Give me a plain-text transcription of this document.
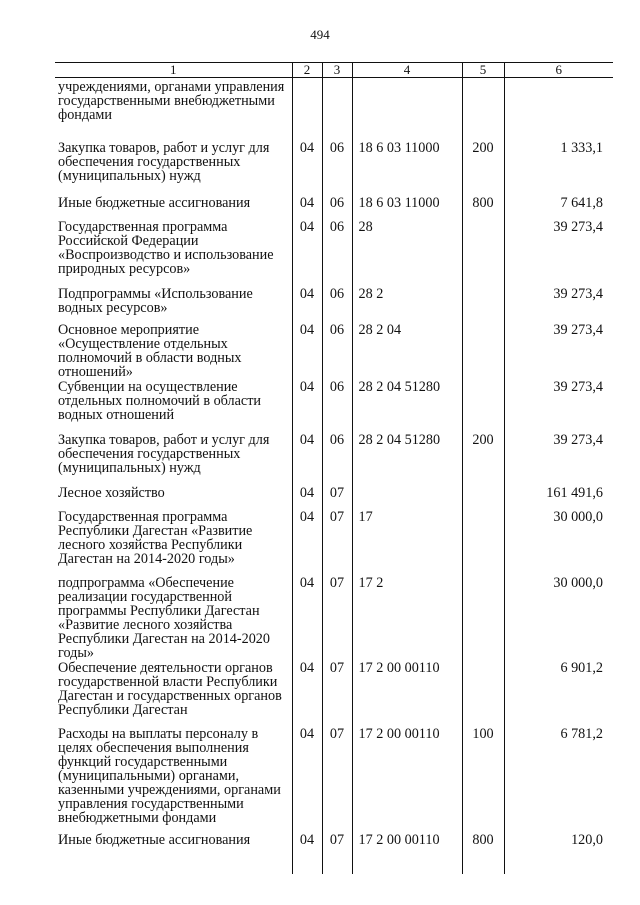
494
1	2	3	4	5	6
учреждениями, органами управления государственными внебюджетными фондами					
Закупка товаров, работ и услуг для обеспечения государственных (муниципальных) нужд	04	06	18 6 03 11000	200	1 333,1
Иные бюджетные ассигнования	04	06	18 6 03 11000	800	7 641,8
Государственная программа Российской Федерации «Воспроизводство и использование природных ресурсов»	04	06	28		39 273,4
Подпрограммы «Использование водных ресурсов»	04	06	28 2		39 273,4
Основное мероприятие «Осуществление отдельных полномочий в области водных отношений»	04	06	28 2 04		39 273,4
Субвенции на осуществление отдельных полномочий в области водных отношений	04	06	28 2 04 51280		39 273,4
Закупка товаров, работ и услуг для обеспечения государственных (муниципальных) нужд	04	06	28 2 04 51280	200	39 273,4
Лесное хозяйство	04	07			161 491,6
Государственная программа Республики Дагестан «Развитие лесного хозяйства Республики Дагестан на 2014-2020 годы»	04	07	17		30 000,0
подпрограмма «Обеспечение реализации государственной программы Республики Дагестан «Развитие лесного хозяйства Республики Дагестан на 2014-2020 годы»	04	07	17 2		30 000,0
Обеспечение деятельности органов государственной власти Республики Дагестан и государственных органов Республики Дагестан	04	07	17 2 00 00110		6 901,2
Расходы на выплаты персоналу в целях обеспечения выполнения функций государственными (муниципальными) органами, казенными учреждениями, органами управления государственными внебюджетными фондами	04	07	17 2 00 00110	100	6 781,2
Иные бюджетные ассигнования	04	07	17 2 00 00110	800	120,0
